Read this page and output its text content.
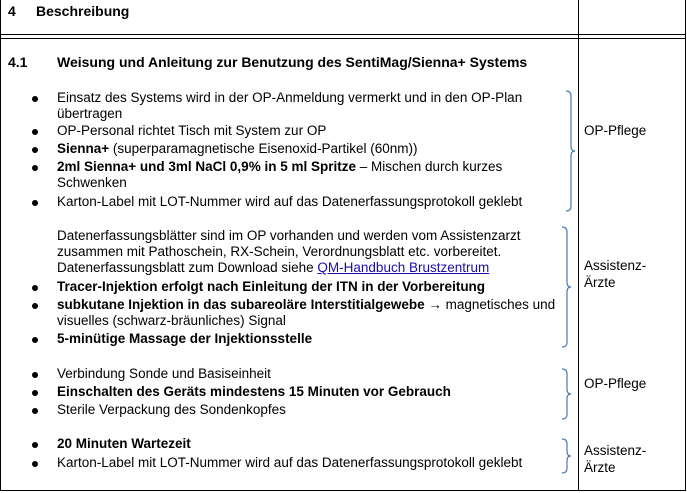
4 Beschreibung
4.1 Weisung und Anleitung zur Benutzung des SentiMag/Sienna+ Systems
Einsatz des Systems wird in der OP-Anmeldung vermerkt und in den OP-Plan übertragen
OP-Personal richtet Tisch mit System zur OP
Sienna+ (superparamagnetische Eisenoxid-Partikel (60nm))
2ml Sienna+ und 3ml NaCl 0,9% in 5 ml Spritze – Mischen durch kurzes Schwenken
Karton-Label mit LOT-Nummer wird auf das Datenerfassungsprotokoll geklebt
OP-Pflege
Datenerfassungsblätter sind im OP vorhanden und werden vom Assistenzarzt zusammen mit Pathoschein, RX-Schein, Verordnungsblatt etc. vorbereitet. Datenerfassungsblatt zum Download siehe QM-Handbuch Brustzentrum
Tracer-Injektion erfolgt nach Einleitung der ITN in der Vorbereitung
subkutane Injektion in das subareoläre Interstitialgewebe → magnetisches und visuelles (schwarz-bräunliches) Signal
5-minütige Massage der Injektionsstelle
Assistenz-
Ärzte
Verbindung Sonde und Basiseinheit
Einschalten des Geräts mindestens 15 Minuten vor Gebrauch
Sterile Verpackung des Sondenkopfes
OP-Pflege
20 Minuten Wartezeit
Karton-Label mit LOT-Nummer wird auf das Datenerfassungsprotokoll geklebt
Assistenz-
Ärzte
